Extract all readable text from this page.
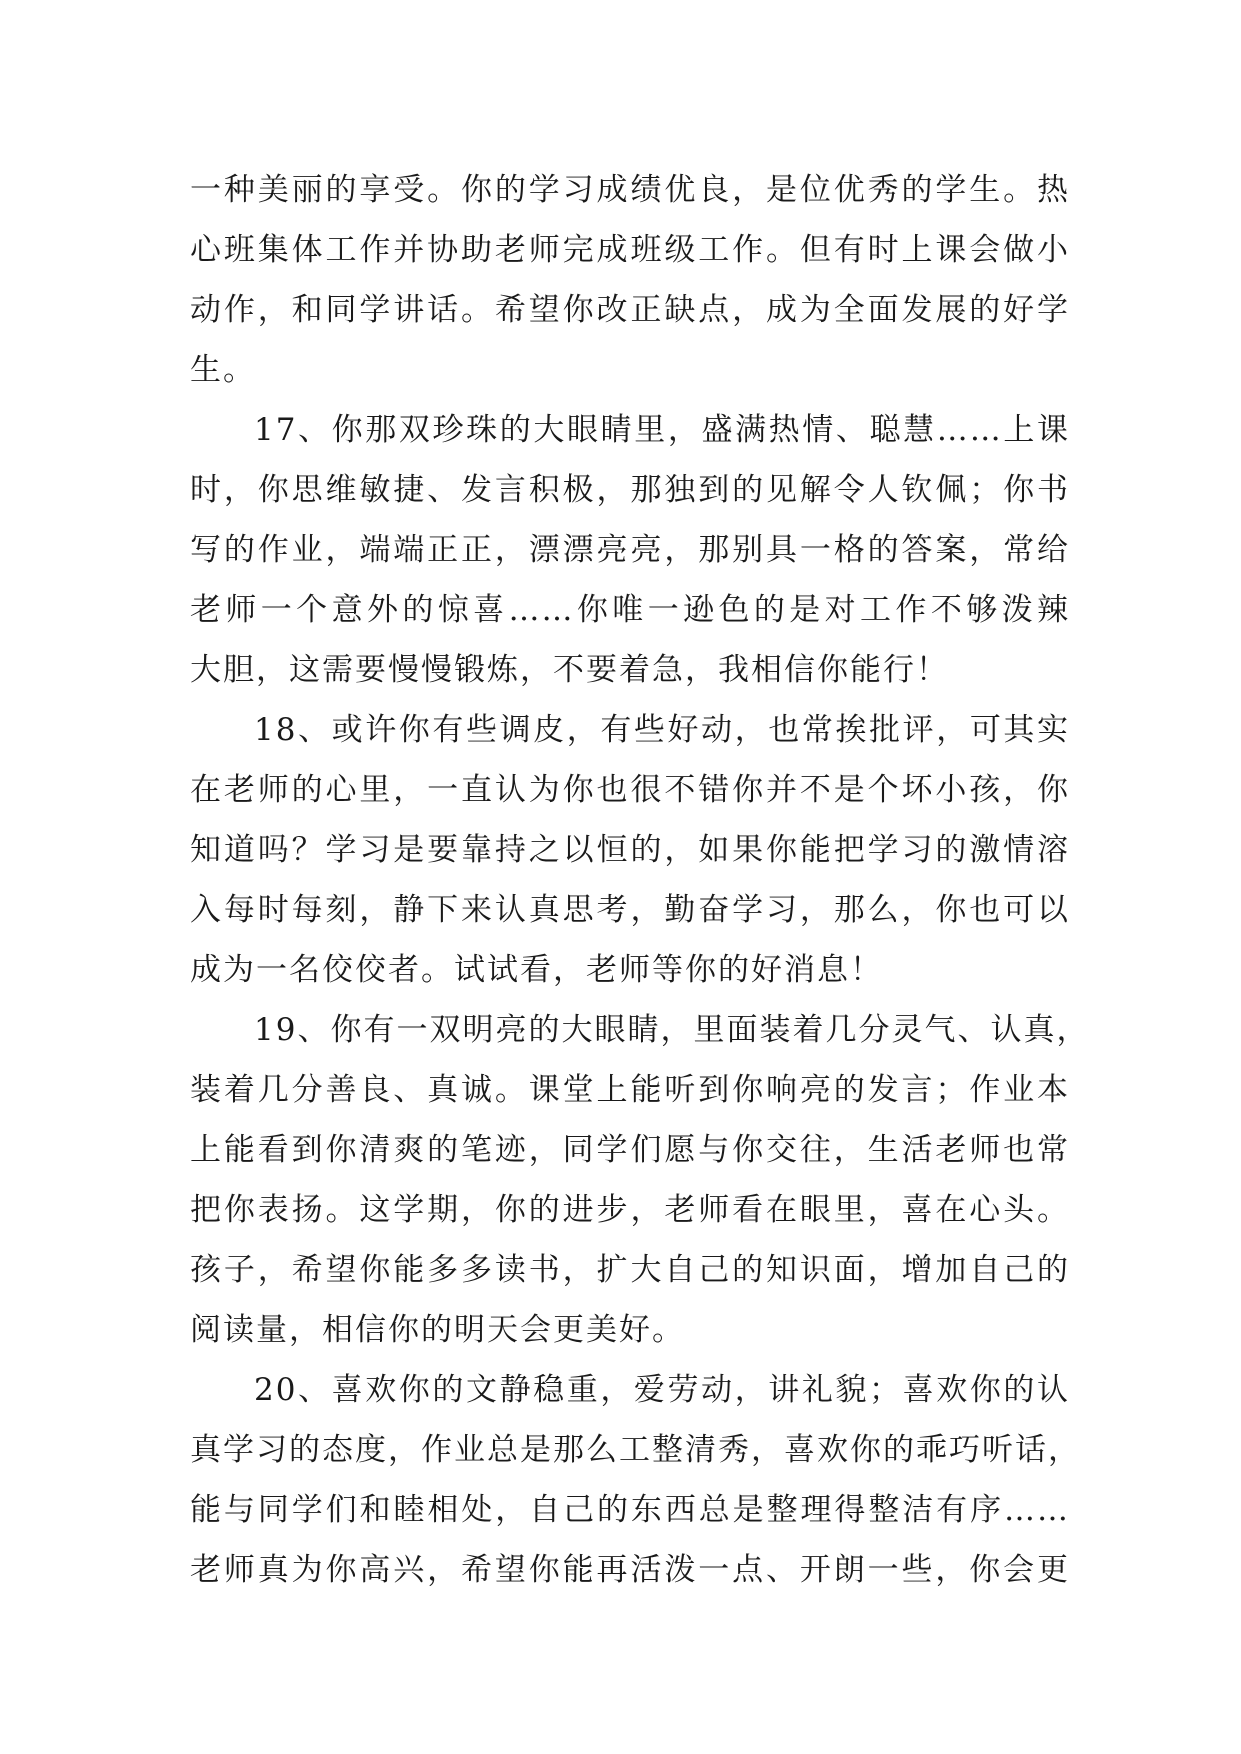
一种美丽的享受。你的学习成绩优良，是位优秀的学生。热
心班集体工作并协助老师完成班级工作。但有时上课会做小
动作，和同学讲话。希望你改正缺点，成为全面发展的好学
生。
17、你那双珍珠的大眼睛里，盛满热情、聪慧……上课
时，你思维敏捷、发言积极，那独到的见解令人钦佩；你书
写的作业，端端正正，漂漂亮亮，那别具一格的答案，常给
老师一个意外的惊喜……你唯一逊色的是对工作不够泼辣
大胆，这需要慢慢锻炼，不要着急，我相信你能行！
18、或许你有些调皮，有些好动，也常挨批评，可其实
在老师的心里，一直认为你也很不错你并不是个坏小孩，你
知道吗？学习是要靠持之以恒的，如果你能把学习的激情溶
入每时每刻，静下来认真思考，勤奋学习，那么，你也可以
成为一名佼佼者。试试看，老师等你的好消息！
19、你有一双明亮的大眼睛，里面装着几分灵气、认真，
装着几分善良、真诚。课堂上能听到你响亮的发言；作业本
上能看到你清爽的笔迹，同学们愿与你交往，生活老师也常
把你表扬。这学期，你的进步，老师看在眼里，喜在心头。
孩子，希望你能多多读书，扩大自己的知识面，增加自己的
阅读量，相信你的明天会更美好。
20、喜欢你的文静稳重，爱劳动，讲礼貌；喜欢你的认
真学习的态度，作业总是那么工整清秀，喜欢你的乖巧听话，
能与同学们和睦相处，自己的东西总是整理得整洁有序……
老师真为你高兴，希望你能再活泼一点、开朗一些，你会更
